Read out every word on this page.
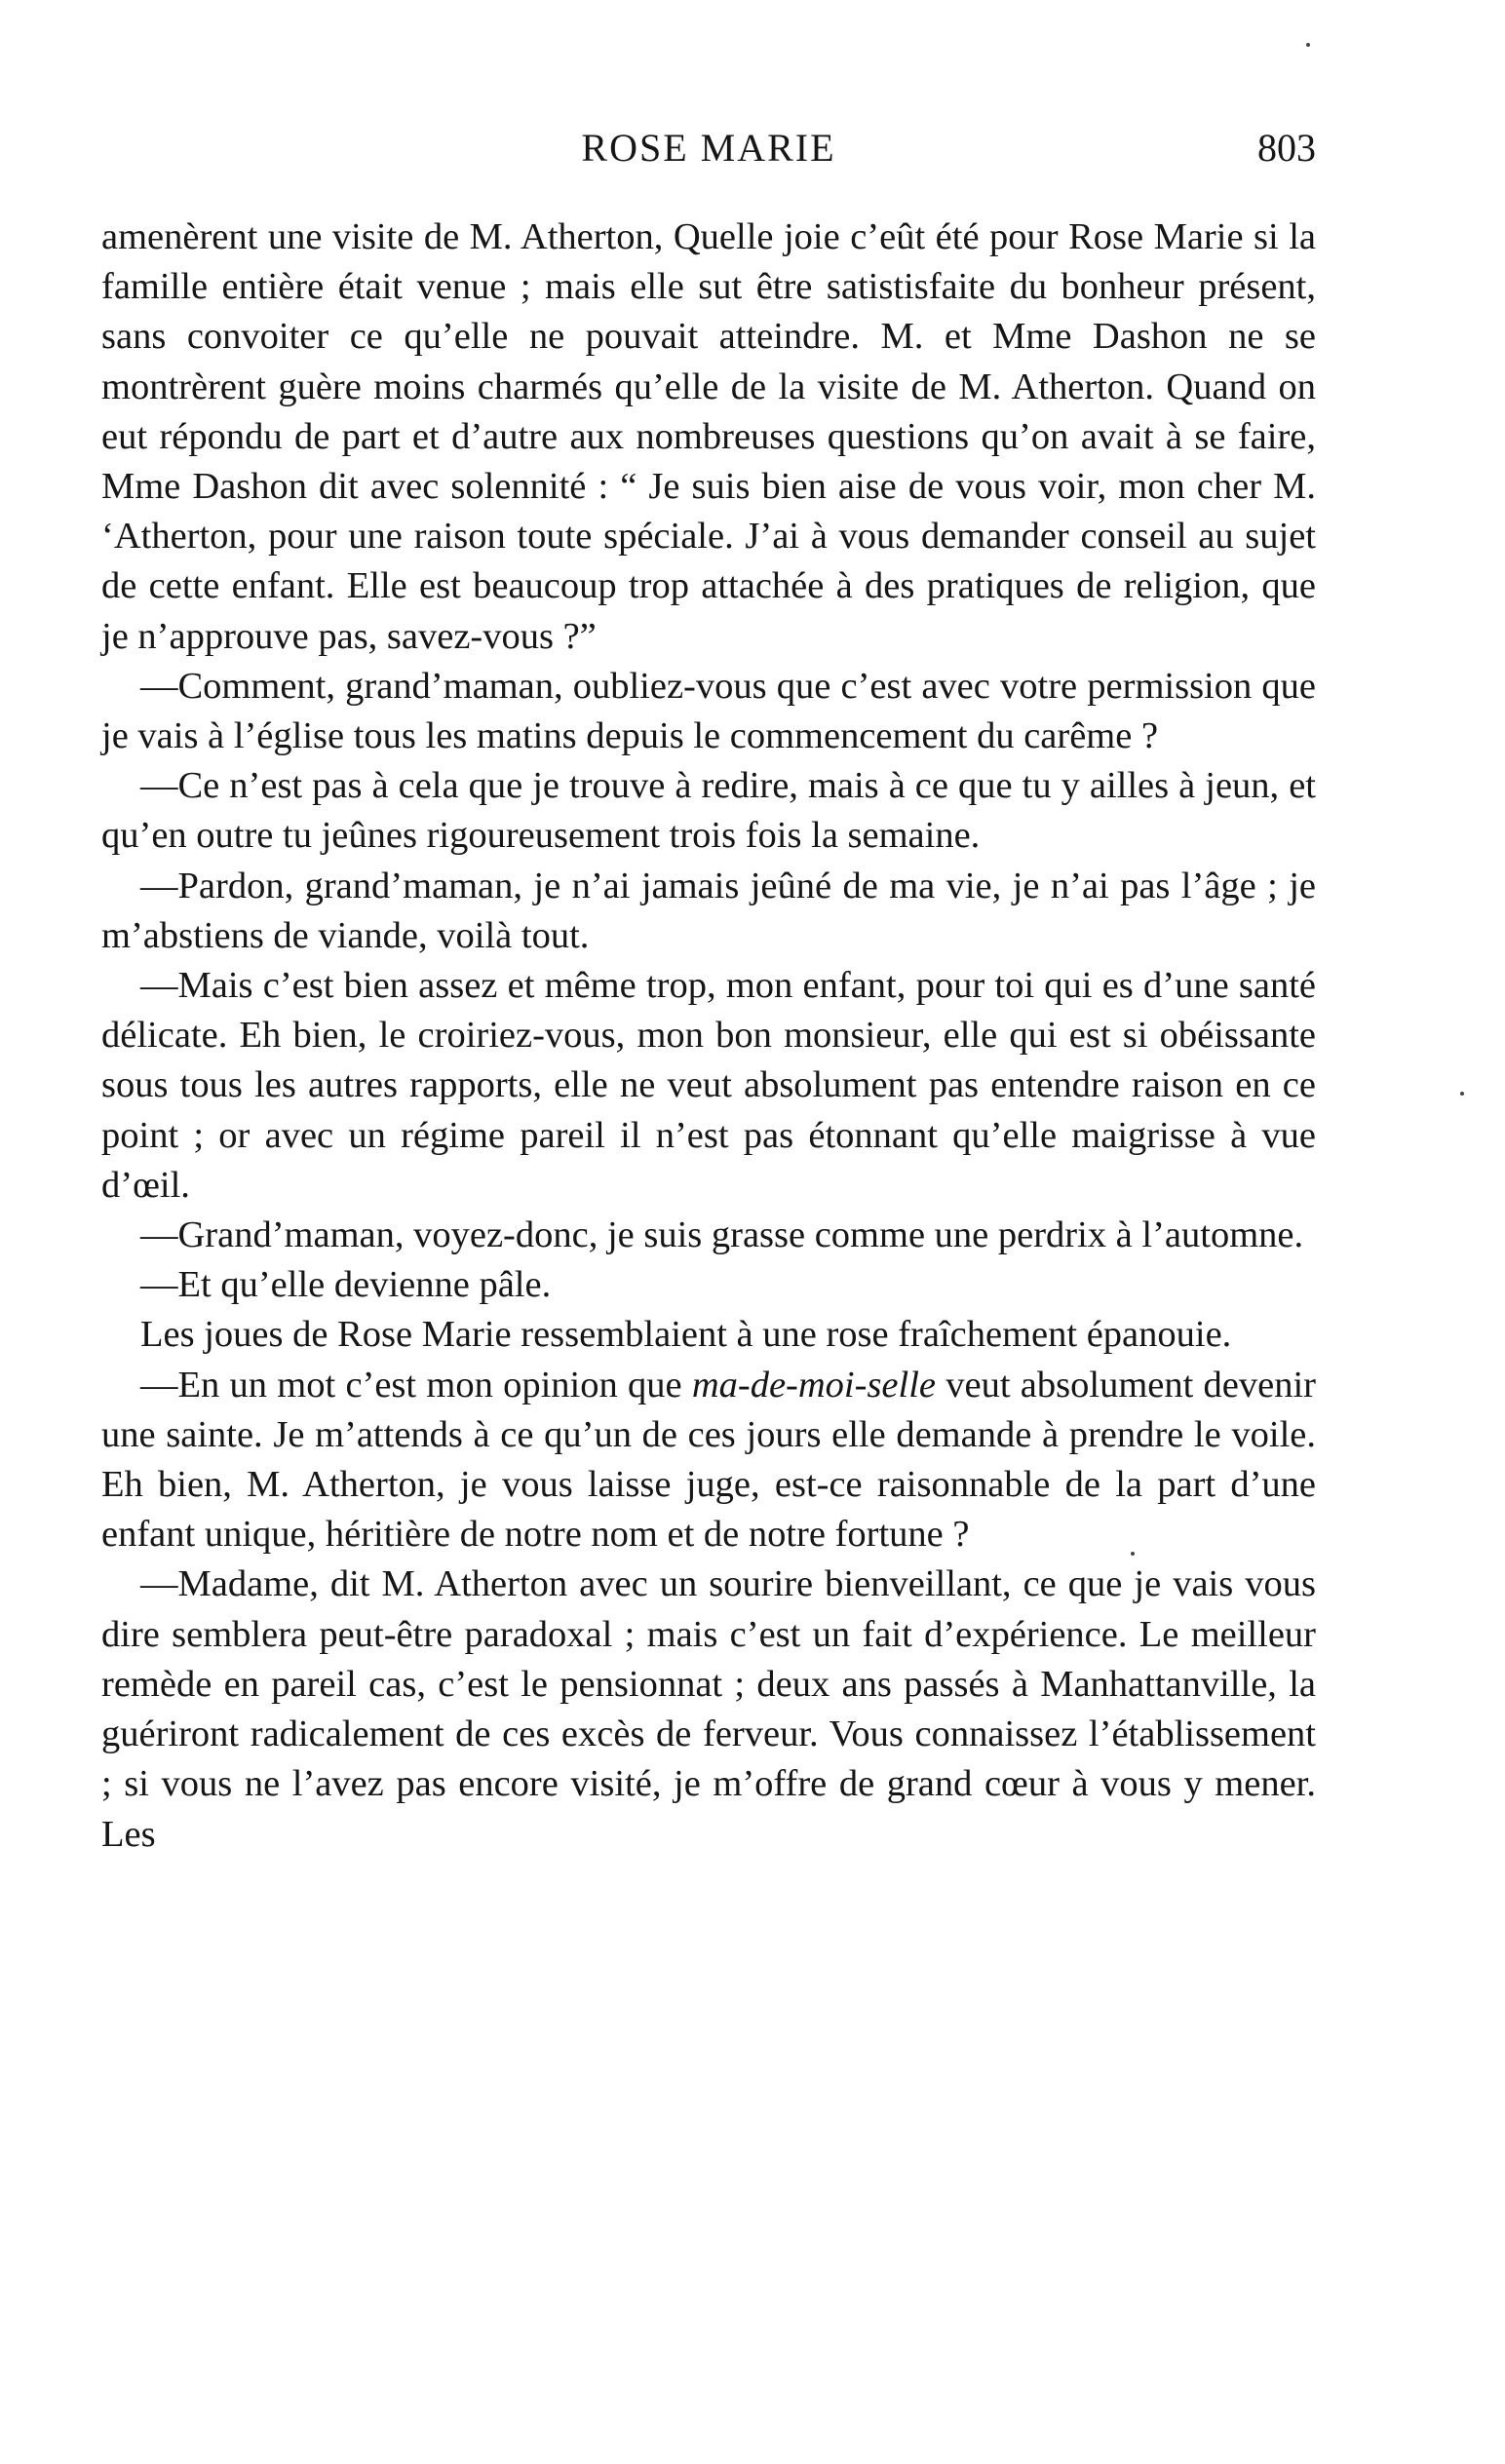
ROSE MARIE	803

amenèrent une visite de M. Atherton, Quelle joie c’eût été pour Rose Marie si la famille entière était venue ; mais elle sut être satistisfaite du bonheur présent, sans convoiter ce qu’elle ne pouvait atteindre. M. et Mme Dashon ne se montrèrent guère moins charmés qu’elle de la visite de M. Atherton. Quand on eut répondu de part et d’autre aux nombreuses questions qu’on avait à se faire, Mme Dashon dit avec solennité : “ Je suis bien aise de vous voir, mon cher M. ‘Atherton, pour une raison toute spéciale. J’ai à vous demander conseil au sujet de cette enfant. Elle est beaucoup trop attachée à des pratiques de religion, que je n’approuve pas, savez-vous ?”

—Comment, grand’maman, oubliez-vous que c’est avec votre permission que je vais à l’église tous les matins depuis le commencement du carême ?

—Ce n’est pas à cela que je trouve à redire, mais à ce que tu y ailles à jeun, et qu’en outre tu jeûnes rigoureusement trois fois la semaine.

—Pardon, grand’maman, je n’ai jamais jeûné de ma vie, je n’ai pas l’âge ; je m’abstiens de viande, voilà tout.

—Mais c’est bien assez et même trop, mon enfant, pour toi qui es d’une santé délicate. Eh bien, le croiriez-vous, mon bon monsieur, elle qui est si obéissante sous tous les autres rapports, elle ne veut absolument pas entendre raison en ce point ; or avec un régime pareil il n’est pas étonnant qu’elle maigrisse à vue d’œil.

—Grand’maman, voyez-donc, je suis grasse comme une perdrix à l’automne.

—Et qu’elle devienne pâle.

Les joues de Rose Marie ressemblaient à une rose fraîchement épanouie.

—En un mot c’est mon opinion que ma-de-moi-selle veut absolument devenir une sainte. Je m’attends à ce qu’un de ces jours elle demande à prendre le voile. Eh bien, M. Atherton, je vous laisse juge, est-ce raisonnable de la part d’une enfant unique, héritière de notre nom et de notre fortune ?

—Madame, dit M. Atherton avec un sourire bienveillant, ce que je vais vous dire semblera peut-être paradoxal ; mais c’est un fait d’expérience. Le meilleur remède en pareil cas, c’est le pensionnat ; deux ans passés à Manhattanville, la guériront radicalement de ces excès de ferveur. Vous connaissez l’établissement ; si vous ne l’avez pas encore visité, je m’offre de grand cœur à vous y mener. Les
